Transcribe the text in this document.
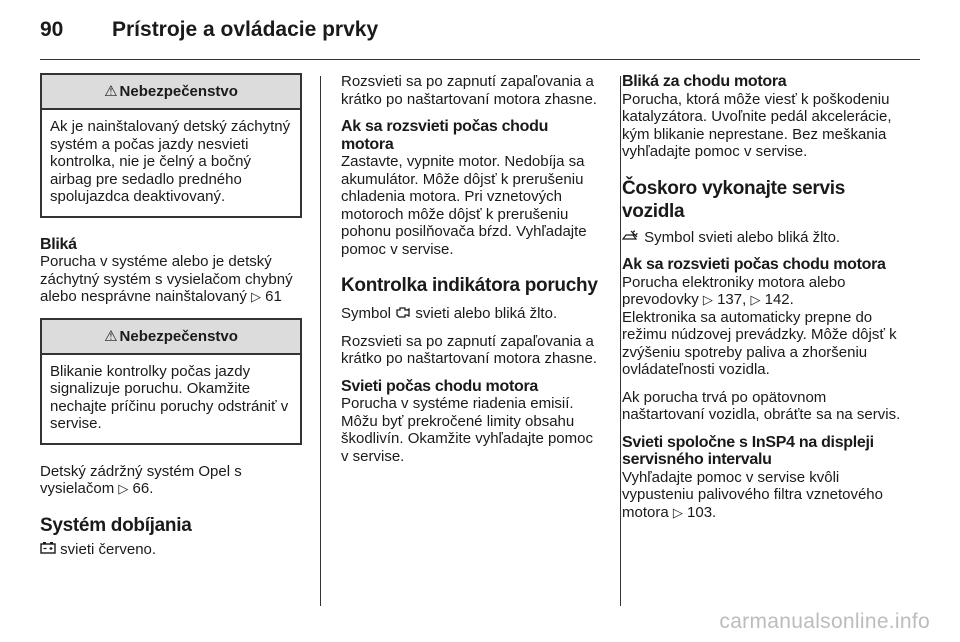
90	Prístroje a ovládacie prvky
⚠ Nebezpečenstvo
Ak je nainštalovaný detský záchytný systém a počas jazdy nesvieti kontrolka, nie je čelný a bočný airbag pre sedadlo predného spolujazdca deaktivovaný.
Bliká

Porucha v systéme alebo je detský záchytný systém s vysielačom chybný alebo nesprávne nainštalovaný ▷ 61

⚠ Nebezpečenstvo
Blikanie kontrolky počas jazdy signalizuje poruchu. Okamžite nechajte príčinu poruchy odstrániť v servise.

Detský zádržný systém Opel s vysielačom ▷ 66.

Systém dobíjania

svieti červeno.

Rozsvieti sa po zapnutí zapaľovania a krátko po naštartovaní motora zhasne.

Ak sa rozsvieti počas chodu motora

Zastavte, vypnite motor. Nedobíja sa akumulátor. Môže dôjsť k prerušeniu chladenia motora. Pri vznetových motoroch môže dôjsť k prerušeniu pohonu posilňovača bŕzd. Vyhľadajte pomoc v servise.

Kontrolka indikátora poruchy

Symbol svieti alebo bliká žlto.

Rozsvieti sa po zapnutí zapaľovania a krátko po naštartovaní motora zhasne.

Svieti počas chodu motora

Porucha v systéme riadenia emisií. Môžu byť prekročené limity obsahu škodlivín. Okamžite vyhľadajte pomoc v servise.

Bliká za chodu motora

Porucha, ktorá môže viesť k poškodeniu katalyzátora. Uvoľnite pedál akcelerácie, kým blikanie neprestane. Bez meškania vyhľadajte pomoc v servise.

Čoskoro vykonajte servis vozidla

Symbol svieti alebo bliká žlto.

Ak sa rozsvieti počas chodu motora

Porucha elektroniky motora alebo prevodovky ▷ 137, ▷ 142.

Elektronika sa automaticky prepne do režimu núdzovej prevádzky. Môže dôjsť k zvýšeniu spotreby paliva a zhoršeniu ovládateľnosti vozidla.

Ak porucha trvá po opätovnom naštartovaní vozidla, obráťte sa na servis.

Svieti spoločne s InSP4 na displeji servisného intervalu

Vyhľadajte pomoc v servise kvôli vypusteniu palivového filtra vznetového motora ▷ 103.

carmanualsonline.info
